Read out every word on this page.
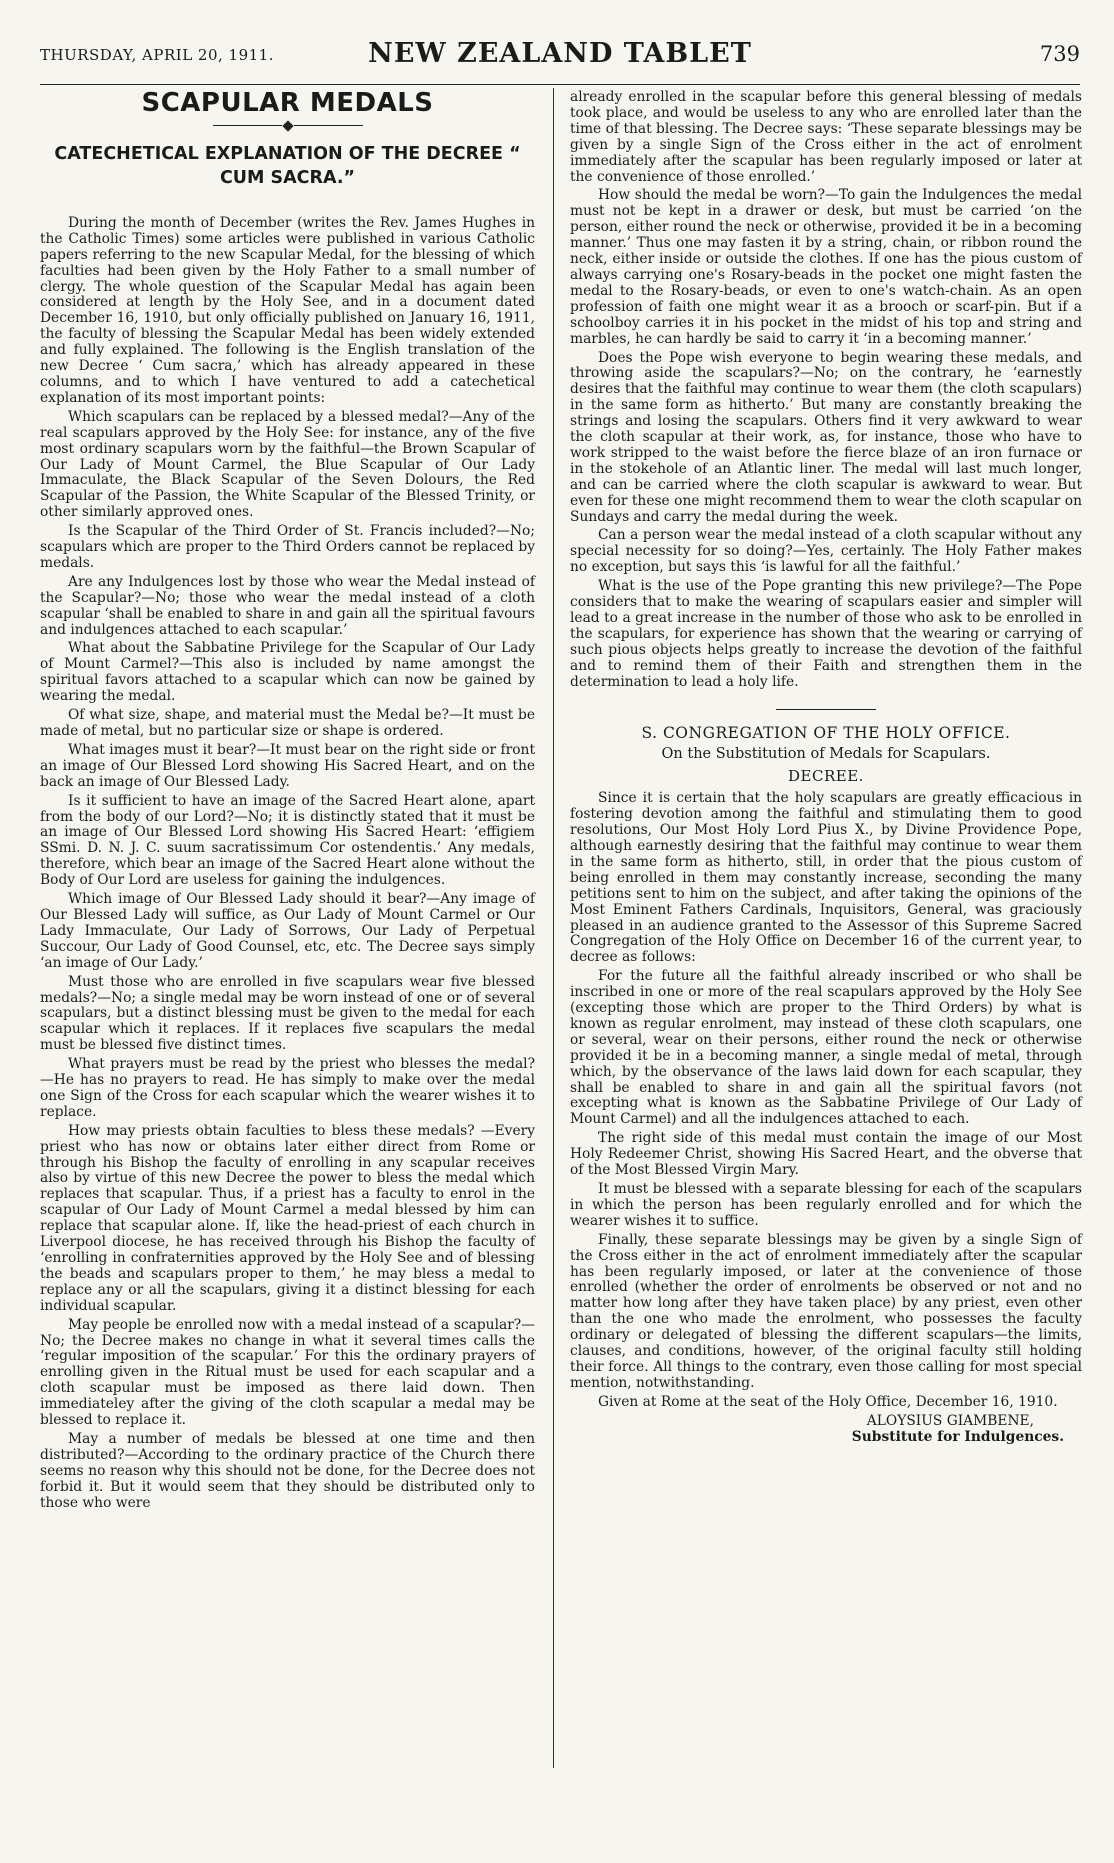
THURSDAY, APRIL 20, 1911.	NEW ZEALAND TABLET	739
SCAPULAR MEDALS
CATECHETICAL EXPLANATION OF THE DECREE “ CUM SACRA.”

During the month of December (writes the Rev. James Hughes in the Catholic Times) some articles were published in various Catholic papers referring to the new Scapular Medal, for the blessing of which faculties had been given by the Holy Father to a small number of clergy. The whole question of the Scapular Medal has again been considered at length by the Holy See, and in a document dated December 16, 1910, but only officially published on January 16, 1911, the faculty of blessing the Scapular Medal has been widely extended and fully explained. The following is the English translation of the new Decree ‘ Cum sacra,’ which has already appeared in these columns, and to which I have ventured to add a catechetical explanation of its most important points:

Which scapulars can be replaced by a blessed medal?—Any of the real scapulars approved by the Holy See: for instance, any of the five most ordinary scapulars worn by the faithful—the Brown Scapular of Our Lady of Mount Carmel, the Blue Scapular of Our Lady Immaculate, the Black Scapular of the Seven Dolours, the Red Scapular of the Passion, the White Scapular of the Blessed Trinity, or other similarly approved ones.

Is the Scapular of the Third Order of St. Francis included?—No; scapulars which are proper to the Third Orders cannot be replaced by medals.

Are any Indulgences lost by those who wear the Medal instead of the Scapular?—No; those who wear the medal instead of a cloth scapular ‘shall be enabled to share in and gain all the spiritual favours and indulgences attached to each scapular.’

What about the Sabbatine Privilege for the Scapular of Our Lady of Mount Carmel?—This also is included by name amongst the spiritual favors attached to a scapular which can now be gained by wearing the medal.

Of what size, shape, and material must the Medal be?—It must be made of metal, but no particular size or shape is ordered.

What images must it bear?—It must bear on the right side or front an image of Our Blessed Lord showing His Sacred Heart, and on the back an image of Our Blessed Lady.

Is it sufficient to have an image of the Sacred Heart alone, apart from the body of our Lord?—No; it is distinctly stated that it must be an image of Our Blessed Lord showing His Sacred Heart: ‘effigiem SSmi. D. N. J. C. suum sacratissimum Cor ostendentis.’ Any medals, therefore, which bear an image of the Sacred Heart alone without the Body of Our Lord are useless for gaining the indulgences.

Which image of Our Blessed Lady should it bear?—Any image of Our Blessed Lady will suffice, as Our Lady of Mount Carmel or Our Lady Immaculate, Our Lady of Sorrows, Our Lady of Perpetual Succour, Our Lady of Good Counsel, etc, etc. The Decree says simply ‘an image of Our Lady.’

Must those who are enrolled in five scapulars wear five blessed medals?—No; a single medal may be worn instead of one or of several scapulars, but a distinct blessing must be given to the medal for each scapular which it replaces. If it replaces five scapulars the medal must be blessed five distinct times.

What prayers must be read by the priest who blesses the medal?—He has no prayers to read. He has simply to make over the medal one Sign of the Cross for each scapular which the wearer wishes it to replace.

How may priests obtain faculties to bless these medals? —Every priest who has now or obtains later either direct from Rome or through his Bishop the faculty of enrolling in any scapular receives also by virtue of this new Decree the power to bless the medal which replaces that scapular. Thus, if a priest has a faculty to enrol in the scapular of Our Lady of Mount Carmel a medal blessed by him can replace that scapular alone. If, like the head-priest of each church in Liverpool diocese, he has received through his Bishop the faculty of ‘enrolling in confraternities approved by the Holy See and of blessing the beads and scapulars proper to them,’ he may bless a medal to replace any or all the scapulars, giving it a distinct blessing for each individual scapular.

May people be enrolled now with a medal instead of a scapular?—No; the Decree makes no change in what it several times calls the ‘regular imposition of the scapular.’ For this the ordinary prayers of enrolling given in the Ritual must be used for each scapular and a cloth scapular must be imposed as there laid down. Then immediatelеy after the giving of the cloth scapular a medal may be blessed to replace it.

May a number of medals be blessed at one time and then distributed?—According to the ordinary practice of the Church there seems no reason why this should not be done, for the Decree does not forbid it. But it would seem that they should be distributed only to those who were

already enrolled in the scapular before this general blessing of medals took place, and would be useless to any who are enrolled later than the time of that blessing. The Decree says: ‘These separate blessings may be given by a single Sign of the Cross either in the act of enrolment immediately after the scapular has been regularly imposed or later at the convenience of those enrolled.’

How should the medal be worn?—To gain the Indulgences the medal must not be kept in a drawer or desk, but must be carried ‘on the person, either round the neck or otherwise, provided it be in a becoming manner.’ Thus one may fasten it by a string, chain, or ribbon round the neck, either inside or outside the clothes. If one has the pious custom of always carrying one's Rosary-beads in the pocket one might fasten the medal to the Rosary-beads, or even to one's watch-chain. As an open profession of faith one might wear it as a brooch or scarf-pin. But if a schoolboy carries it in his pocket in the midst of his top and string and marbles, he can hardly be said to carry it ‘in a becoming manner.’

Does the Pope wish everyone to begin wearing these medals, and throwing aside the scapulars?—No; on the contrary, he ‘earnestly desires that the faithful may continue to wear them (the cloth scapulars) in the same form as hitherto.’ But many are constantly breaking the strings and losing the scapulars. Others find it very awkward to wear the cloth scapular at their work, as, for instance, those who have to work stripped to the waist before the fierce blaze of an iron furnace or in the stokehole of an Atlantic liner. The medal will last much longer, and can be carried where the cloth scapular is awkward to wear. But even for these one might recommend them to wear the cloth scapular on Sundays and carry the medal during the week.

Can a person wear the medal instead of a cloth scapular without any special necessity for so doing?—Yes, certainly. The Holy Father makes no exception, but says this ‘is lawful for all the faithful.’

What is the use of the Pope granting this new privilege?—The Pope considers that to make the wearing of scapulars easier and simpler will lead to a great increase in the number of those who ask to be enrolled in the scapulars, for experience has shown that the wearing or carrying of such pious objects helps greatly to increase the devotion of the faithful and to remind them of their Faith and strengthen them in the determination to lead a holy life.

S. CONGREGATION OF THE HOLY OFFICE.
On the Substitution of Medals for Scapulars.
DECREE.

Since it is certain that the holy scapulars are greatly efficacious in fostering devotion among the faithful and stimulating them to good resolutions, Our Most Holy Lord Pius X., by Divine Providence Pope, although earnestly desiring that the faithful may continue to wear them in the same form as hitherto, still, in order that the pious custom of being enrolled in them may constantly increase, seconding the many petitions sent to him on the subject, and after taking the opinions of the Most Eminent Fathers Cardinals, Inquisitors, General, was graciously pleased in an audience granted to the Assessor of this Supreme Sacred Congregation of the Holy Office on December 16 of the current year, to decree as follows:

For the future all the faithful already inscribed or who shall be inscribed in one or more of the real scapulars approved by the Holy See (excepting those which are proper to the Third Orders) by what is known as regular enrolment, may instead of these cloth scapulars, one or several, wear on their persons, either round the neck or otherwise provided it be in a becoming manner, a single medal of metal, through which, by the observance of the laws laid down for each scapular, they shall be enabled to share in and gain all the spiritual favors (not excepting what is known as the Sabbatine Privilege of Our Lady of Mount Carmel) and all the indulgences attached to each.

The right side of this medal must contain the image of our Most Holy Redeemer Christ, showing His Sacred Heart, and the obverse that of the Most Blessed Virgin Mary.

It must be blessed with a separate blessing for each of the scapulars in which the person has been regularly enrolled and for which the wearer wishes it to suffice.

Finally, these separate blessings may be given by a single Sign of the Cross either in the act of enrolment immediately after the scapular has been regularly imposed, or later at the convenience of those enrolled (whether the order of enrolments be observed or not and no matter how long after they have taken place) by any priest, even other than the one who made the enrolment, who possesses the faculty ordinary or delegated of blessing the different scapulars—the limits, clauses, and conditions, however, of the original faculty still holding their force. All things to the contrary, even those calling for most special mention, notwithstanding.

Given at Rome at the seat of the Holy Office, December 16, 1910.

ALOYSIUS GIAMBENE,
Substitute for Indulgences.
